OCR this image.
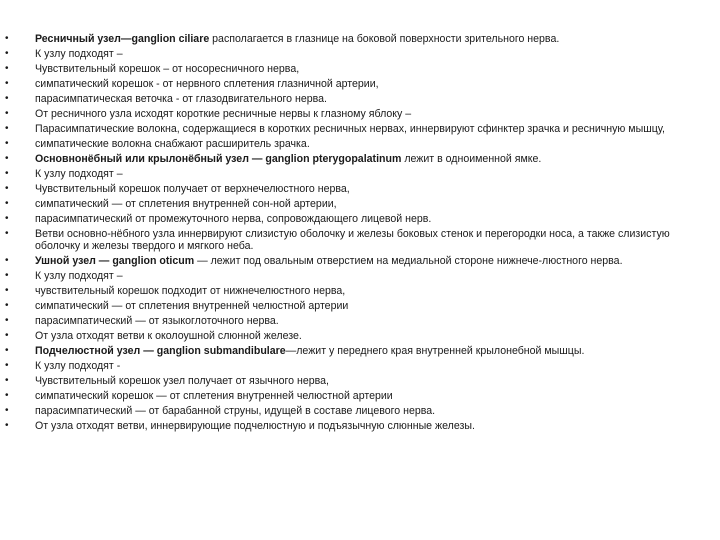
• Ресничный узел—ganglion ciliare располагается в глазнице на боковой поверхности зрительного нерва.
• К узлу подходят –
• Чувствительный корешок – от носоресничного нерва,
• симпатический корешок - от нервного сплетения глазничной артерии,
• парасимпатическая веточка - от глазодвигательного нерва.
• От ресничного узла исходят короткие ресничные нервы к глазному яблоку –
• Парасимпатические волокна, содержащиеся в коротких ресничных нервах, иннервируют сфинктер зрачка и ресничную мышцу,
• симпатические волокна снабжают расширитель зрачка.
• Основнонёбный или крылонёбный узел — ganglion pterygopalatinum лежит в одноименной ямке.
• К узлу подходят –
• Чувствительный корешок получает от верхнечелюстного нерва,
• симпатический — от сплетения внутренней сон-ной артерии,
• парасимпатический от промежуточного нерва, сопровождающего лицевой нерв.
• Ветви основно-нёбного узла иннервируют слизистую оболочку и железы боковых стенок и перегородки носа, а также слизистую оболочку и железы твердого и мягкого неба.
• Ушной узел — ganglion oticum — лежит под овальным отверстием на медиальной стороне нижнече-люстного нерва.
• К узлу подходят –
• чувствительный корешок подходит от нижнечелюстного нерва,
• симпатический — от сплетения внутренней челюстной артерии
• парасимпатический — от языкоглоточного нерва.
• От узла отходят ветви к околоушной слюнной железе.
• Подчелюстной узел — ganglion submandibulare—лежит у переднего края внутренней крылонебной мышцы.
• К узлу подходят -
• Чувствительный корешок узел получает от язычного нерва,
• симпатический корешок — от сплетения внутренней челюстной артерии
• парасимпатический — от барабанной струны, идущей в составе лицевого нерва.
• От узла отходят ветви, иннервирующие подчелюстную и подъязычную слюнные железы.
